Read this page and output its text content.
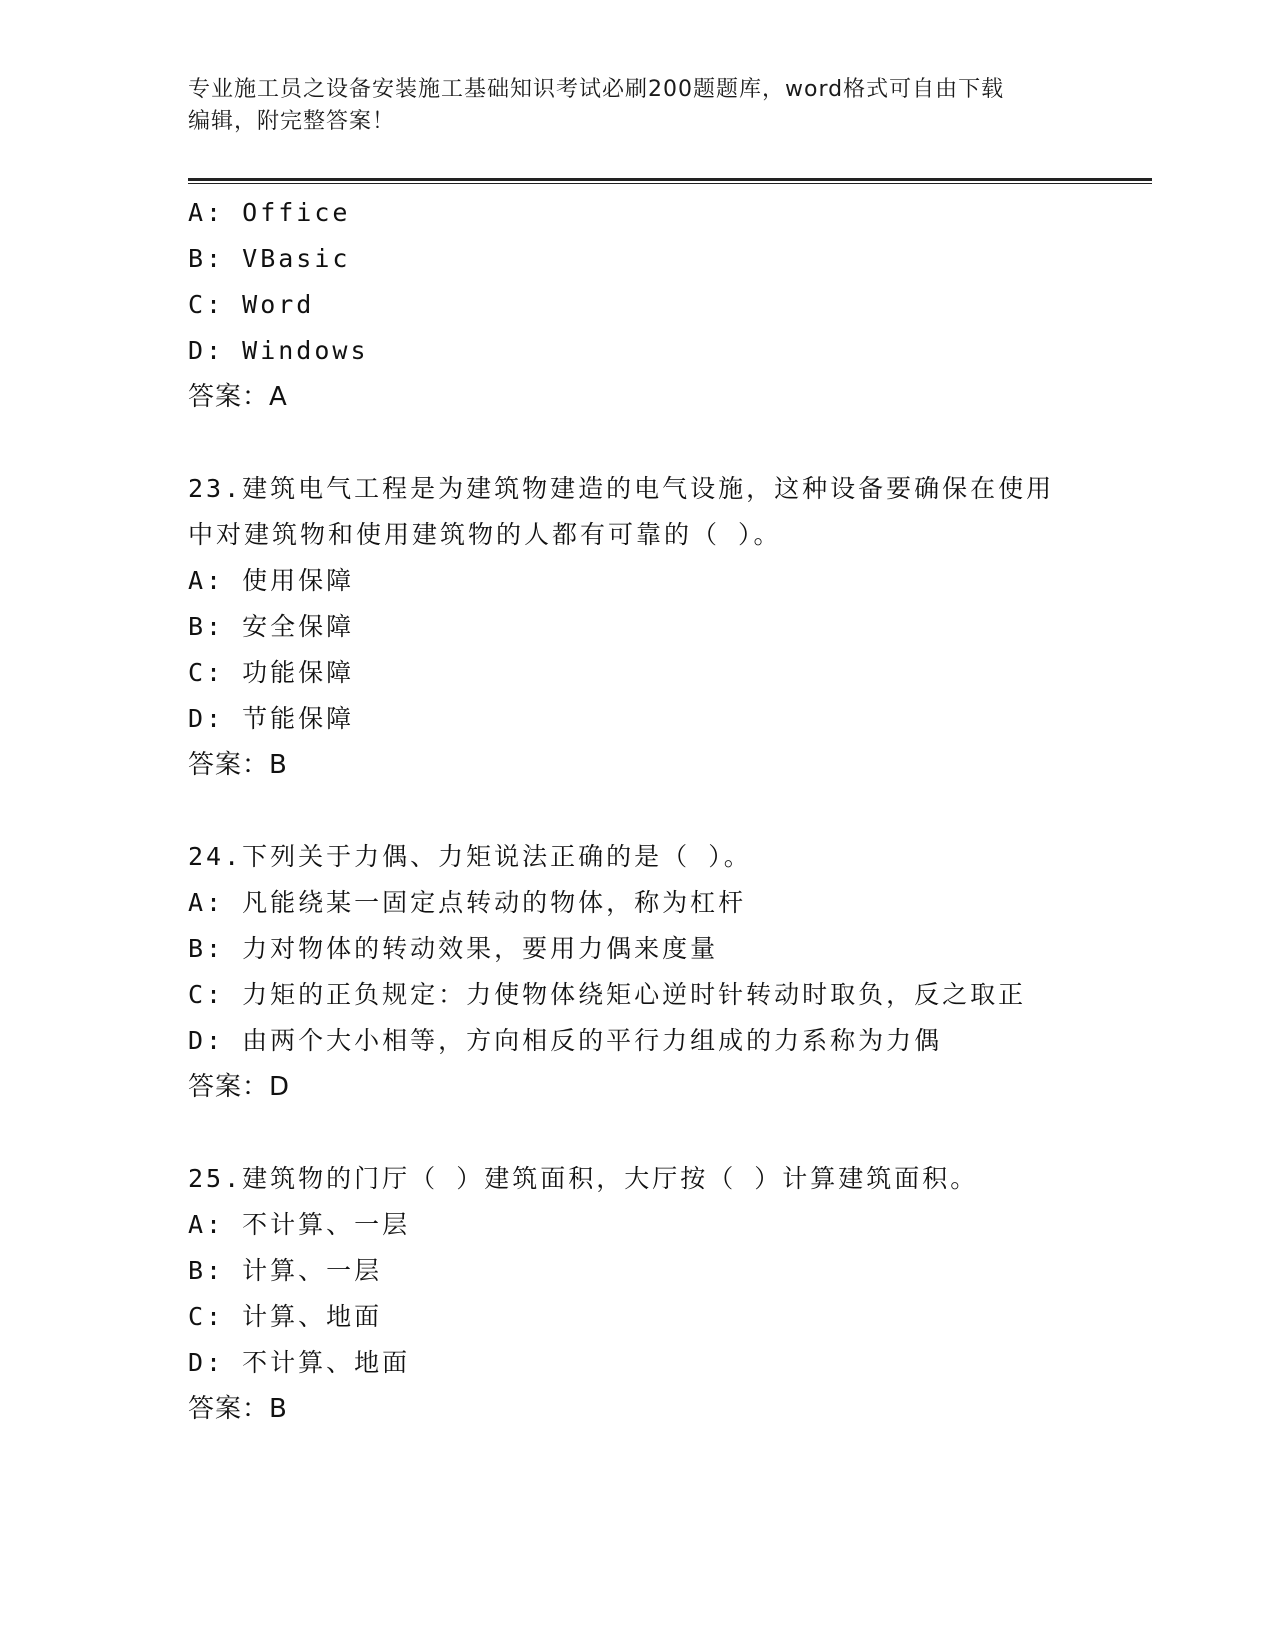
专业施工员之设备安装施工基础知识考试必刷200题题库，word格式可自由下载
编辑，附完整答案！
A: Office
B: VBasic
C: Word
D: Windows
答案：A
23.建筑电气工程是为建筑物建造的电气设施，这种设备要确保在使用
中对建筑物和使用建筑物的人都有可靠的（ ）。
A: 使用保障
B: 安全保障
C: 功能保障
D: 节能保障
答案：B
24.下列关于力偶、力矩说法正确的是（ ）。
A: 凡能绕某一固定点转动的物体，称为杠杆
B: 力对物体的转动效果，要用力偶来度量
C: 力矩的正负规定：力使物体绕矩心逆时针转动时取负，反之取正
D: 由两个大小相等，方向相反的平行力组成的力系称为力偶
答案：D
25.建筑物的门厅（ ）建筑面积，大厅按（ ）计算建筑面积。
A: 不计算、一层
B: 计算、一层
C: 计算、地面
D: 不计算、地面
答案：B
